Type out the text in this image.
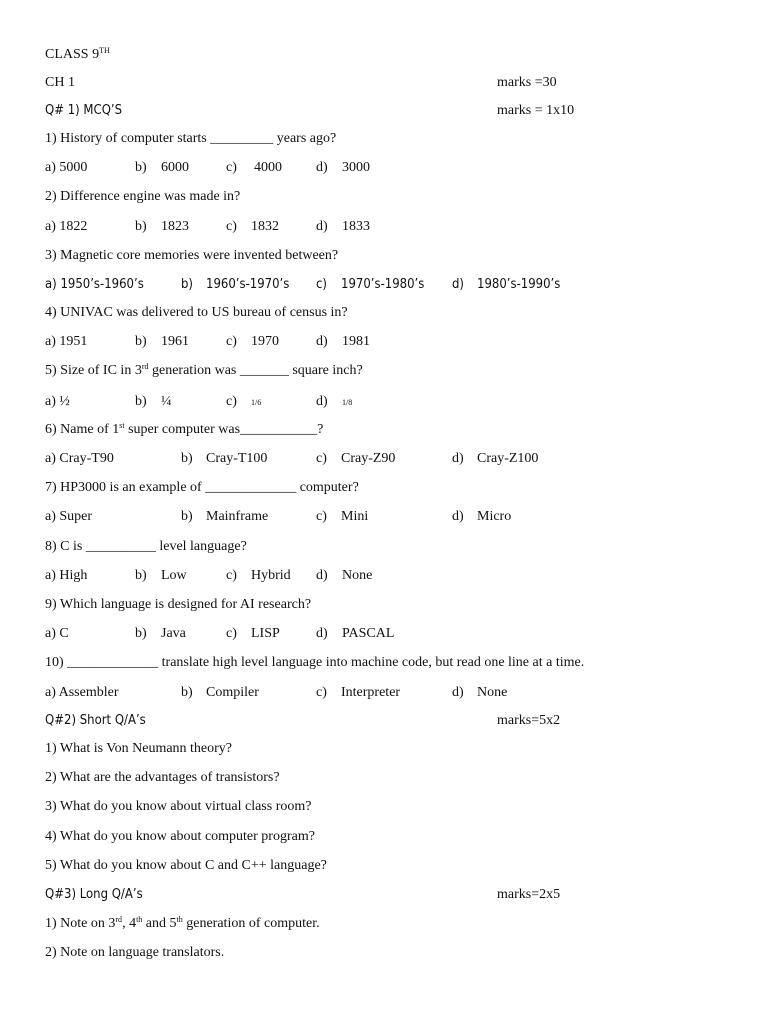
CLASS 9TH
CH 1	marks =30
Q# 1) MCQ’S	marks = 1x10
1) History of computer starts _________ years ago?
a) 5000	b) 6000	c) 4000 d) 3000
2) Difference engine was made in?
a) 1822	b) 1823	c) 1832	d) 1833
3) Magnetic core memories were invented between?
a) 1950’s-1960’s	b) 1960’s-1970’s c) 1970’s-1980’s d) 1980’s-1990’s
4) UNIVAC was delivered to US bureau of census in?
a) 1951	b) 1961	c) 1970	d) 1981
5) Size of IC in 3rd generation was _______ square inch?
a) ½	b) ¼	c) 1/6	d) 1/8
6) Name of 1st super computer was___________?
a) Cray-T90	b) Cray-T100	c) Cray-Z90	d) Cray-Z100
7) HP3000 is an example of _____________ computer?
a) Super	b) Mainframe	c) Mini	d) Micro
8) C is __________ level language?
a) High	b) Low	c) Hybrid d) None
9) Which language is designed for AI research?
a) C	b) Java	c) LISP	d) PASCAL
10) _____________ translate high level language into machine code, but read one line at a time.
a) Assembler	b) Compiler	c) Interpreter	d) None
Q#2) Short Q/A’s	marks=5x2
1) What is Von Neumann theory?
2) What are the advantages of transistors?
3) What do you know about virtual class room?
4) What do you know about computer program?
5) What do you know about C and C++ language?
Q#3) Long Q/A’s	marks=2x5
1) Note on 3rd, 4th and 5th generation of computer.
2) Note on language translators.
